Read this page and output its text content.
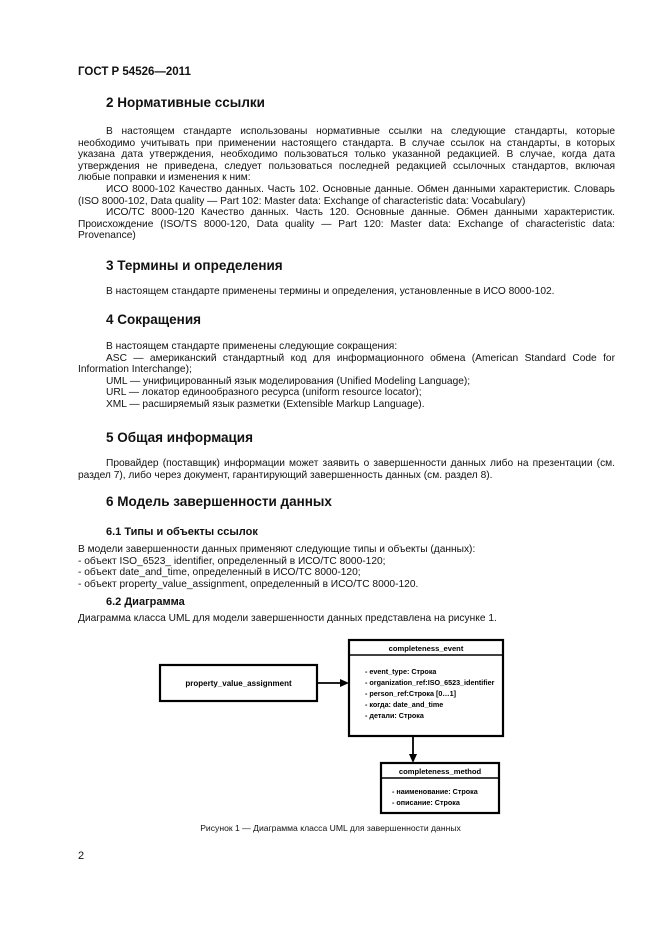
ГОСТ Р 54526—2011
2 Нормативные ссылки

В настоящем стандарте использованы нормативные ссылки на следующие стандарты, которые необходимо учитывать при применении настоящего стандарта. В случае ссылок на стандарты, в которых указана дата утверждения, необходимо пользоваться только указанной редакцией. В случае, когда дата утверждения не приведена, следует пользоваться последней редакцией ссылочных стандартов, включая любые поправки и изменения к ним:

ИСО 8000-102 Качество данных. Часть 102. Основные данные. Обмен данными характеристик. Словарь (ISO 8000-102, Data quality — Part 102: Master data: Exchange of characteristic data: Vocabulary)

ИСО/ТС 8000-120 Качество данных. Часть 120. Основные данные. Обмен данными характеристик. Происхождение (ISO/TS 8000-120, Data quality — Part 120: Master data: Exchange of characteristic data: Provenance)

3 Термины и определения

В настоящем стандарте применены термины и определения, установленные в ИСО 8000-102.

4 Сокращения

В настоящем стандарте применены следующие сокращения:

ASC — американский стандартный код для информационного обмена (American Standard Code for Information Interchange);

UML — унифицированный язык моделирования (Unified Modeling Language);

URL — локатор единообразного ресурса (uniform resource locator);

XML — расширяемый язык разметки (Extensible Markup Language).

5 Общая информация

Провайдер (поставщик) информации может заявить о завершенности данных либо на презентации (см. раздел 7), либо через документ, гарантирующий завершенность данных (см. раздел 8).

6 Модель завершенности данных
6.1 Типы и объекты ссылок

В модели завершенности данных применяют следующие типы и объекты (данных):

- объект ISO_6523_ identifier, определенный в ИСО/ТС 8000-120;

- объект date_and_time, определенный в ИСО/ТС 8000-120;

- объект property_value_assignment, определенный в ИСО/ТС 8000-120.

6.2 Диаграмма

Диаграмма класса UML для модели завершенности данных представлена на рисунке 1.

property_value_assignment
completeness_event
- event_type: Строка
- organization_ref:ISO_6523_identifier
- person_ref:Строка [0…1]
- когда: date_and_time
- детали: Строка
completeness_method
- наименование: Строка
- описание: Строка
Рисунок 1 — Диаграмма класса UML для завершенности данных
2
